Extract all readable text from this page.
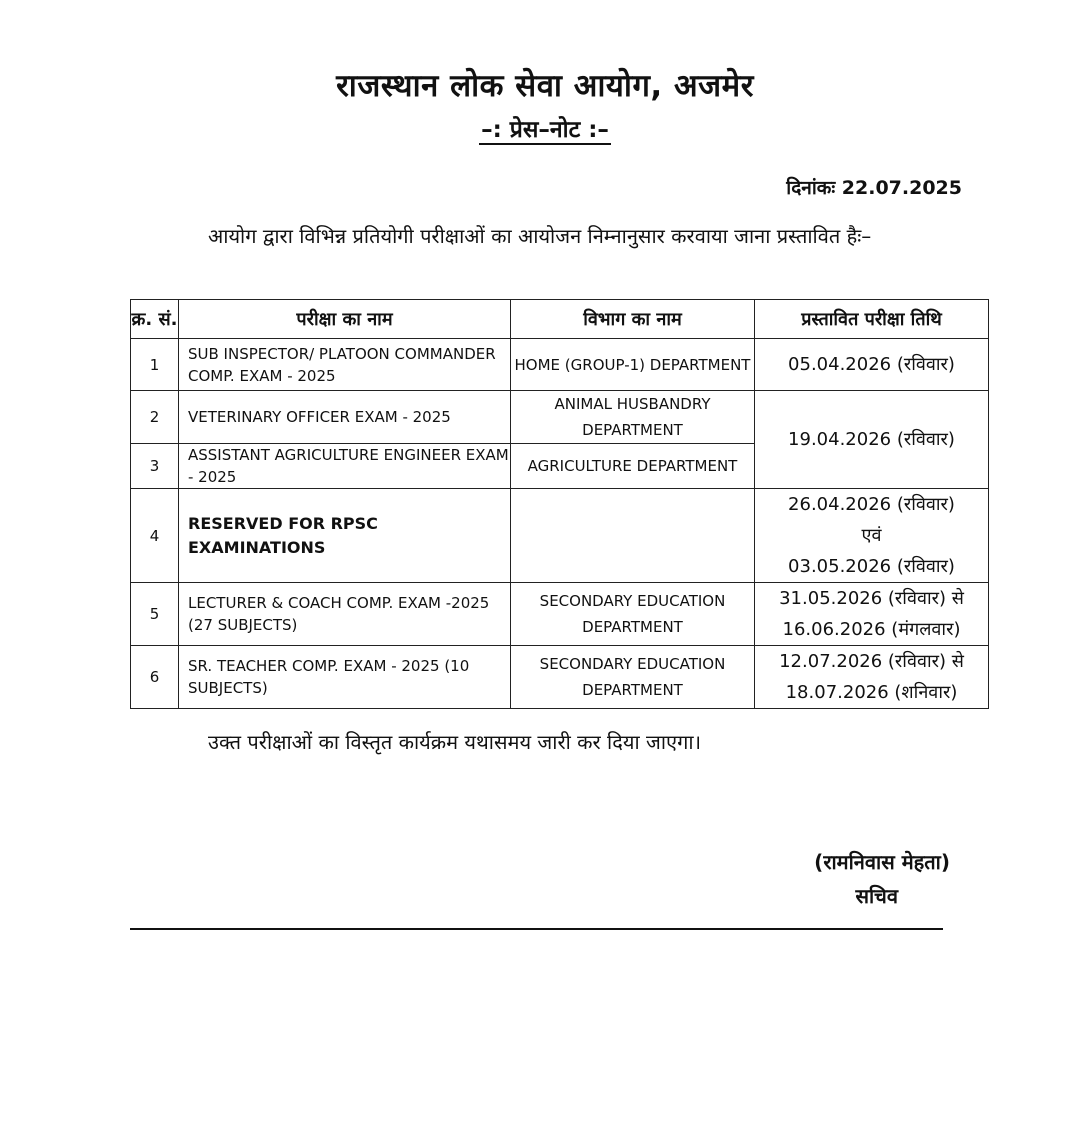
राजस्थान लोक सेवा आयोग, अजमेर
–: प्रेस–नोट :–
दिनांकः 22.07.2025
आयोग द्वारा विभिन्न प्रतियोगी परीक्षाओं का आयोजन निम्नानुसार करवाया जाना प्रस्तावित हैः–
क्र. सं.	परीक्षा का नाम	विभाग का नाम	प्रस्तावित परीक्षा तिथि
1	SUB INSPECTOR/ PLATOON COMMANDER COMP. EXAM - 2025	HOME (GROUP-1) DEPARTMENT	05.04.2026 (रविवार)
2	VETERINARY OFFICER EXAM - 2025	ANIMAL HUSBANDRY DEPARTMENT	19.04.2026 (रविवार)
3	ASSISTANT AGRICULTURE ENGINEER EXAM - 2025	AGRICULTURE DEPARTMENT	
4	RESERVED FOR RPSC EXAMINATIONS		26.04.2026 (रविवार)
एवं
03.05.2026 (रविवार)

5	LECTURER & COACH COMP. EXAM -2025 (27 SUBJECTS)	SECONDARY EDUCATION DEPARTMENT	31.05.2026 (रविवार) से
16.06.2026 (मंगलवार)

6	SR. TEACHER COMP. EXAM - 2025 (10 SUBJECTS)	SECONDARY EDUCATION DEPARTMENT	12.07.2026 (रविवार) से
18.07.2026 (शनिवार)
उक्त परीक्षाओं का विस्तृत कार्यक्रम यथासमय जारी कर दिया जाएगा।
(रामनिवास मेहता)
सचिव
